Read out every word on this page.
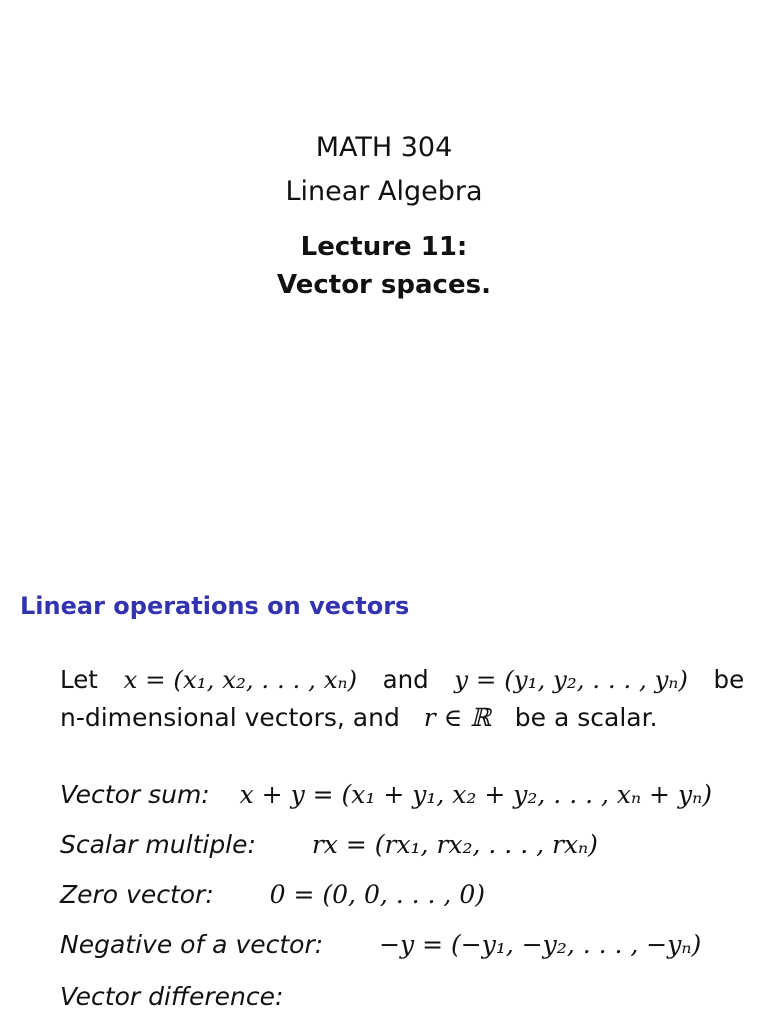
MATH 304
Linear Algebra
Lecture 11:
Vector spaces.
Linear operations on vectors
Let x = (x₁, x₂, . . . , xₙ) and y = (y₁, y₂, . . . , yₙ) be
n-dimensional vectors, and r ∈ ℝ be a scalar.
Vector sum: x + y = (x₁ + y₁, x₂ + y₂, . . . , xₙ + yₙ)
Scalar multiple: rx = (rx₁, rx₂, . . . , rxₙ)
Zero vector: 0 = (0, 0, . . . , 0)
Negative of a vector: −y = (−y₁, −y₂, . . . , −yₙ)
Vector difference:
